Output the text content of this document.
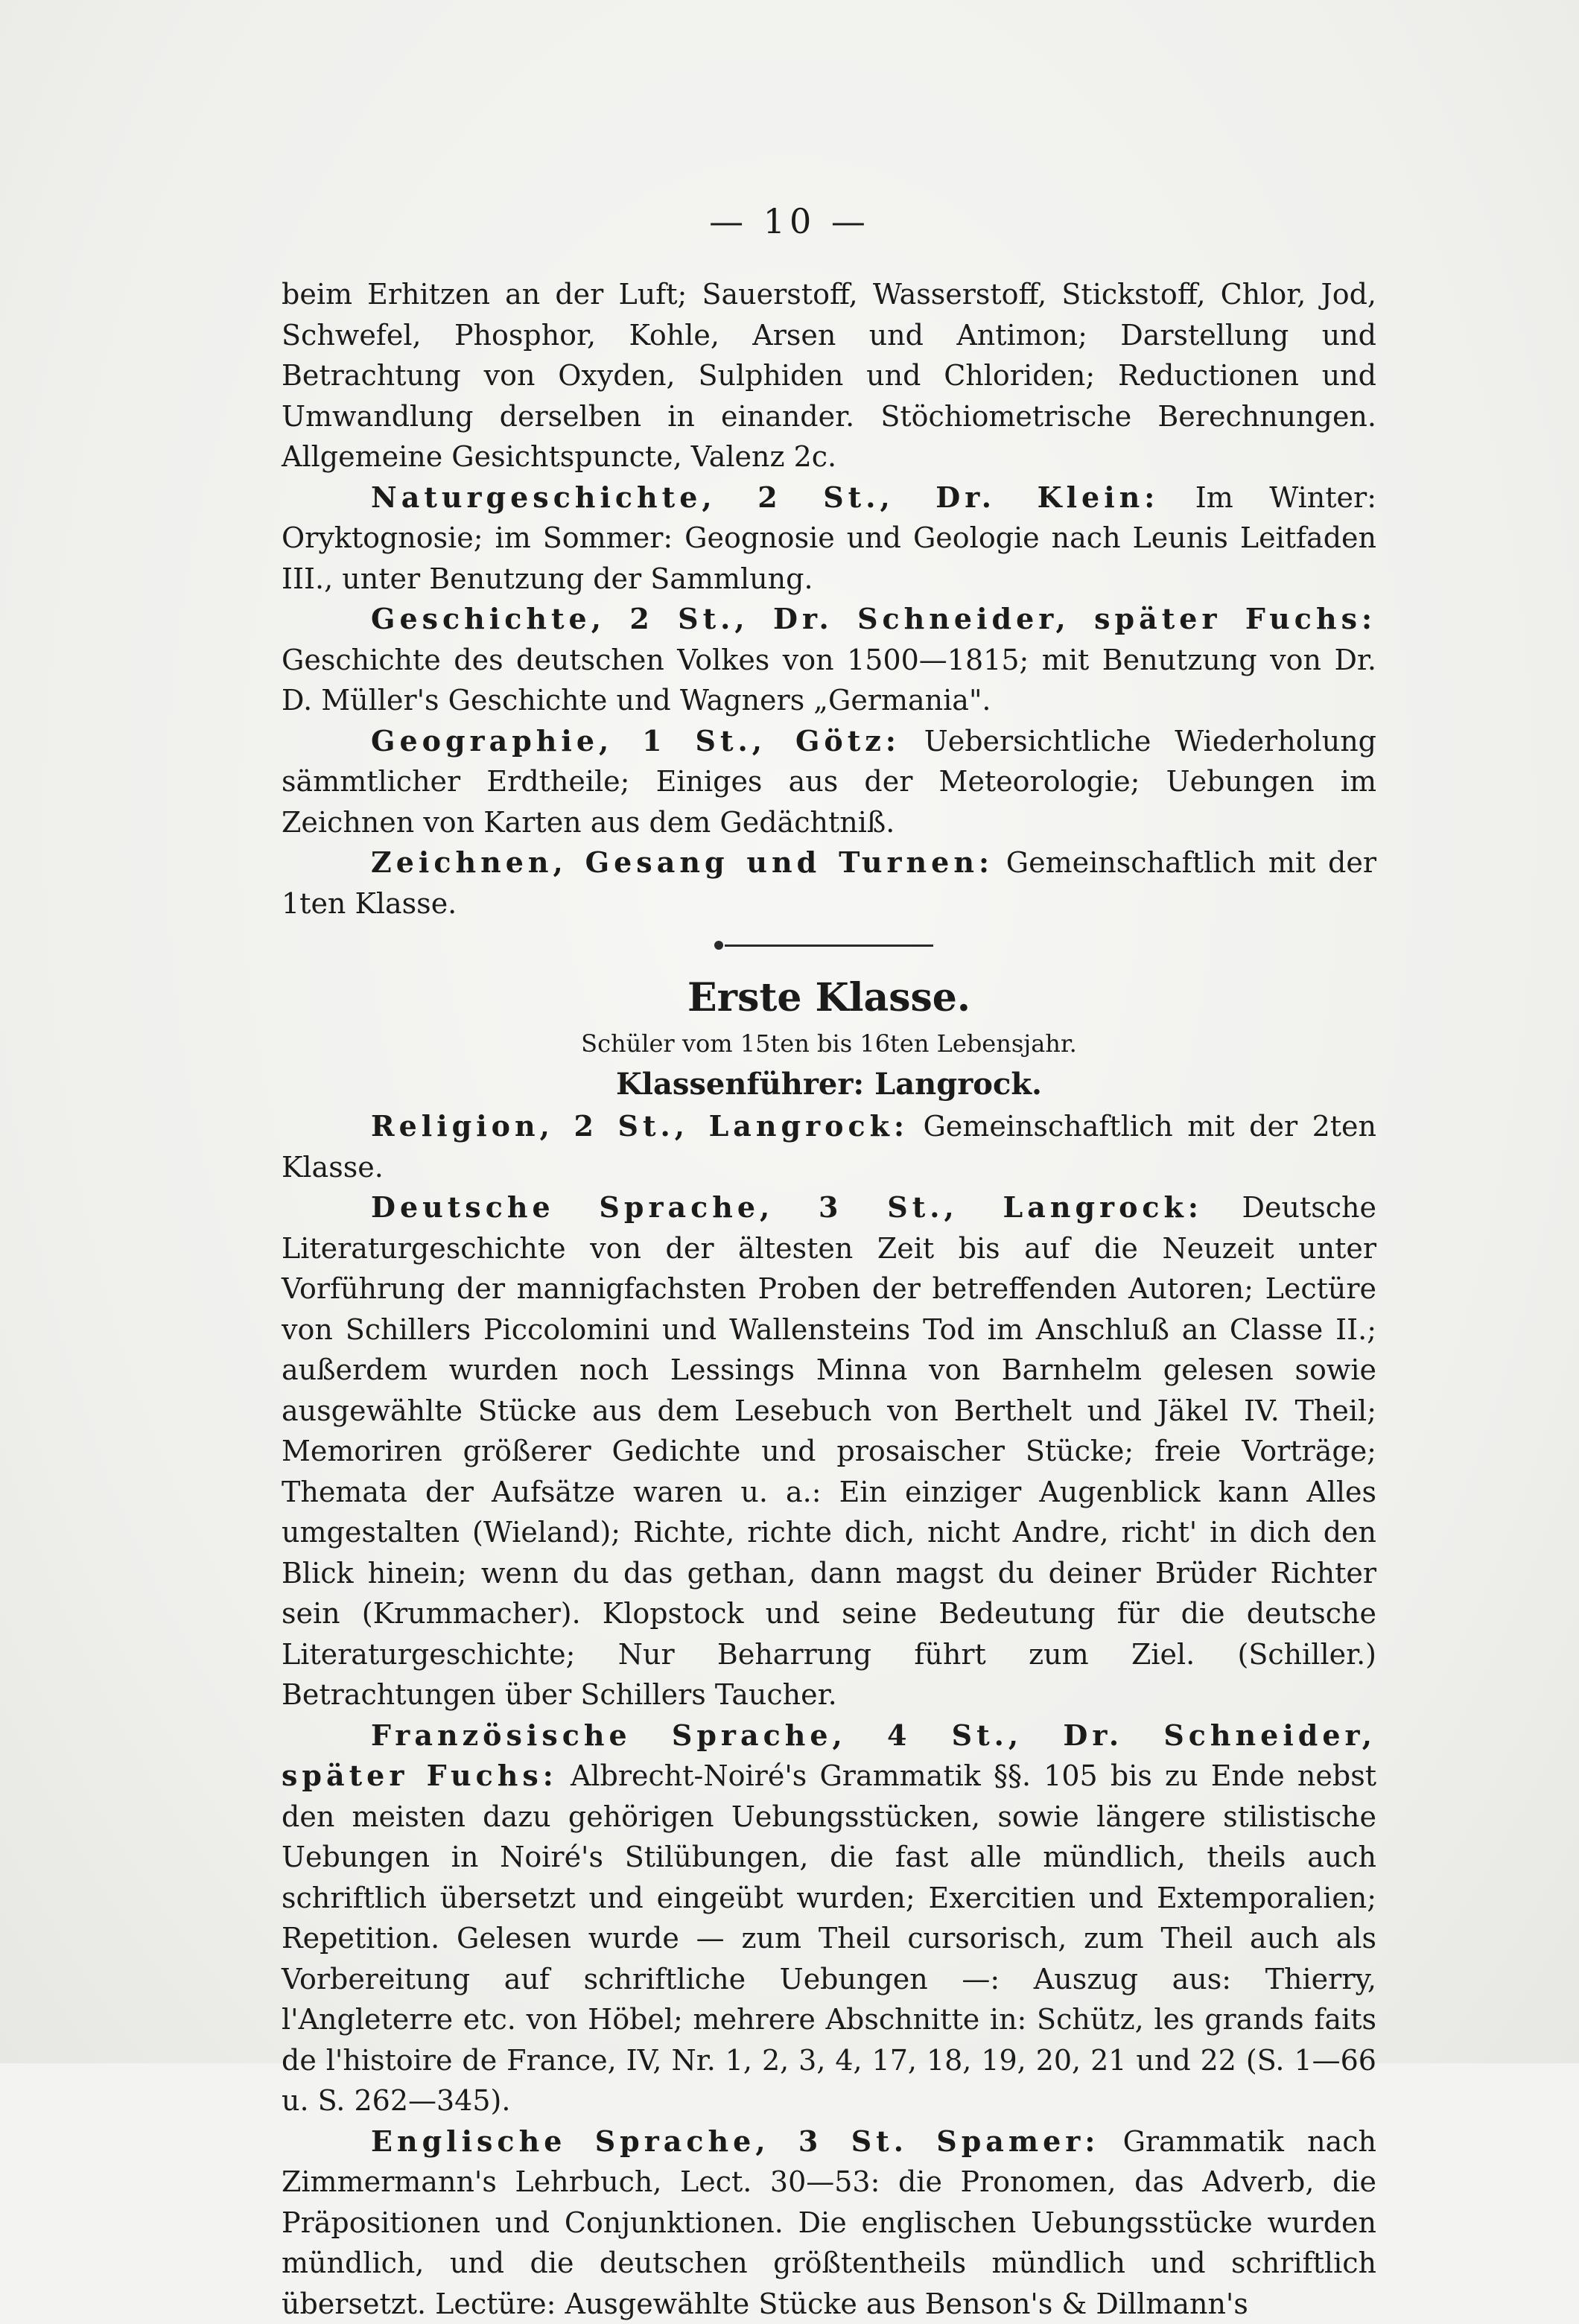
— 10 —

beim Erhitzen an der Luft; Sauerstoff, Wasserstoff, Stickstoff, Chlor, Jod, Schwefel, Phosphor, Kohle, Arsen und Antimon; Darstellung und Betrachtung von Oxyden, Sulphiden und Chloriden; Reductionen und Umwandlung derselben in einander. Stöchiometrische Berechnungen. Allgemeine Gesichtspuncte, Valenz 2c.

Naturgeschichte, 2 St., Dr. Klein: Im Winter: Oryktognosie; im Sommer: Geognosie und Geologie nach Leunis Leitfaden III., unter Benutzung der Sammlung.

Geschichte, 2 St., Dr. Schneider, später Fuchs: Geschichte des deutschen Volkes von 1500—1815; mit Benutzung von Dr. D. Müller's Geschichte und Wagners „Germania".

Geographie, 1 St., Götz: Uebersichtliche Wiederholung sämmtlicher Erdtheile; Einiges aus der Meteorologie; Uebungen im Zeichnen von Karten aus dem Gedächtniß.

Zeichnen, Gesang und Turnen: Gemeinschaftlich mit der 1ten Klasse.

Erste Klasse.
Schüler vom 15ten bis 16ten Lebensjahr.
Klassenführer: Langrock.

Religion, 2 St., Langrock: Gemeinschaftlich mit der 2ten Klasse.

Deutsche Sprache, 3 St., Langrock: Deutsche Literaturgeschichte von der ältesten Zeit bis auf die Neuzeit unter Vorführung der mannigfachsten Proben der betreffenden Autoren; Lectüre von Schillers Piccolomini und Wallensteins Tod im Anschluß an Classe II.; außerdem wurden noch Lessings Minna von Barnhelm gelesen sowie ausgewählte Stücke aus dem Lesebuch von Berthelt und Jäkel IV. Theil; Memoriren größerer Gedichte und prosaischer Stücke; freie Vorträge; Themata der Aufsätze waren u. a.: Ein einziger Augenblick kann Alles umgestalten (Wieland); Richte, richte dich, nicht Andre, richt' in dich den Blick hinein; wenn du das gethan, dann magst du deiner Brüder Richter sein (Krummacher). Klopstock und seine Bedeutung für die deutsche Literaturgeschichte; Nur Beharrung führt zum Ziel. (Schiller.) Betrachtungen über Schillers Taucher.

Französische Sprache, 4 St., Dr. Schneider, später Fuchs: Albrecht-Noiré's Grammatik §§. 105 bis zu Ende nebst den meisten dazu gehörigen Uebungsstücken, sowie längere stilistische Uebungen in Noiré's Stilübungen, die fast alle mündlich, theils auch schriftlich übersetzt und eingeübt wurden; Exercitien und Extemporalien; Repetition. Gelesen wurde — zum Theil cursorisch, zum Theil auch als Vorbereitung auf schriftliche Uebungen —: Auszug aus: Thierry, l'Angleterre etc. von Höbel; mehrere Abschnitte in: Schütz, les grands faits de l'histoire de France, IV, Nr. 1, 2, 3, 4, 17, 18, 19, 20, 21 und 22 (S. 1—66 u. S. 262—345).

Englische Sprache, 3 St. Spamer: Grammatik nach Zimmermann's Lehrbuch, Lect. 30—53: die Pronomen, das Adverb, die Präpositionen und Conjunktionen. Die englischen Uebungsstücke wurden mündlich, und die deutschen größtentheils mündlich und schriftlich übersetzt. Lectüre: Ausgewählte Stücke aus Benson's & Dillmann's
